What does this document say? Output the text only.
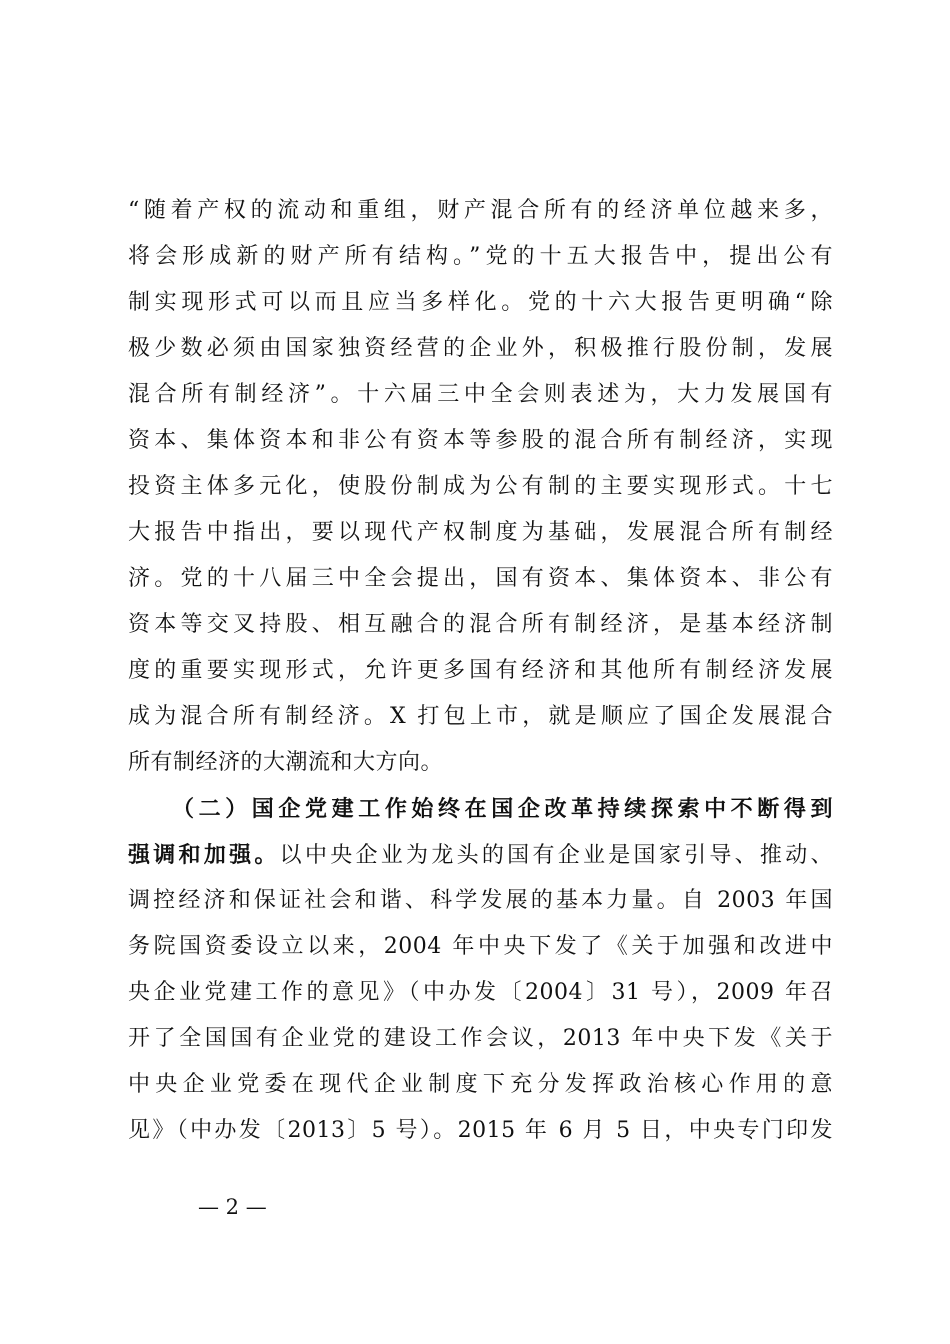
“随着产权的流动和重组，财产混合所有的经济单位越来多，
将会形成新的财产所有结构。”党的十五大报告中，提出公有
制实现形式可以而且应当多样化。党的十六大报告更明确“除
极少数必须由国家独资经营的企业外，积极推行股份制，发展
混合所有制经济”。十六届三中全会则表述为，大力发展国有
资本、集体资本和非公有资本等参股的混合所有制经济，实现
投资主体多元化，使股份制成为公有制的主要实现形式。十七
大报告中指出，要以现代产权制度为基础，发展混合所有制经
济。党的十八届三中全会提出，国有资本、集体资本、非公有
资本等交叉持股、相互融合的混合所有制经济，是基本经济制
度的重要实现形式，允许更多国有经济和其他所有制经济发展
成为混合所有制经济。X 打包上市，就是顺应了国企发展混合
所有制经济的大潮流和大方向。
（二）国企党建工作始终在国企改革持续探索中不断得到
强调和加强。以中央企业为龙头的国有企业是国家引导、推动、
调控经济和保证社会和谐、科学发展的基本力量。自 2003 年国
务院国资委设立以来，2004 年中央下发了《关于加强和改进中
央企业党建工作的意见》（中办发〔2004〕31 号），2009 年召
开了全国国有企业党的建设工作会议，2013 年中央下发《关于
中央企业党委在现代企业制度下充分发挥政治核心作用的意
见》（中办发〔2013〕5 号）。2015 年 6 月 5 日，中央专门印发
— 2 —
